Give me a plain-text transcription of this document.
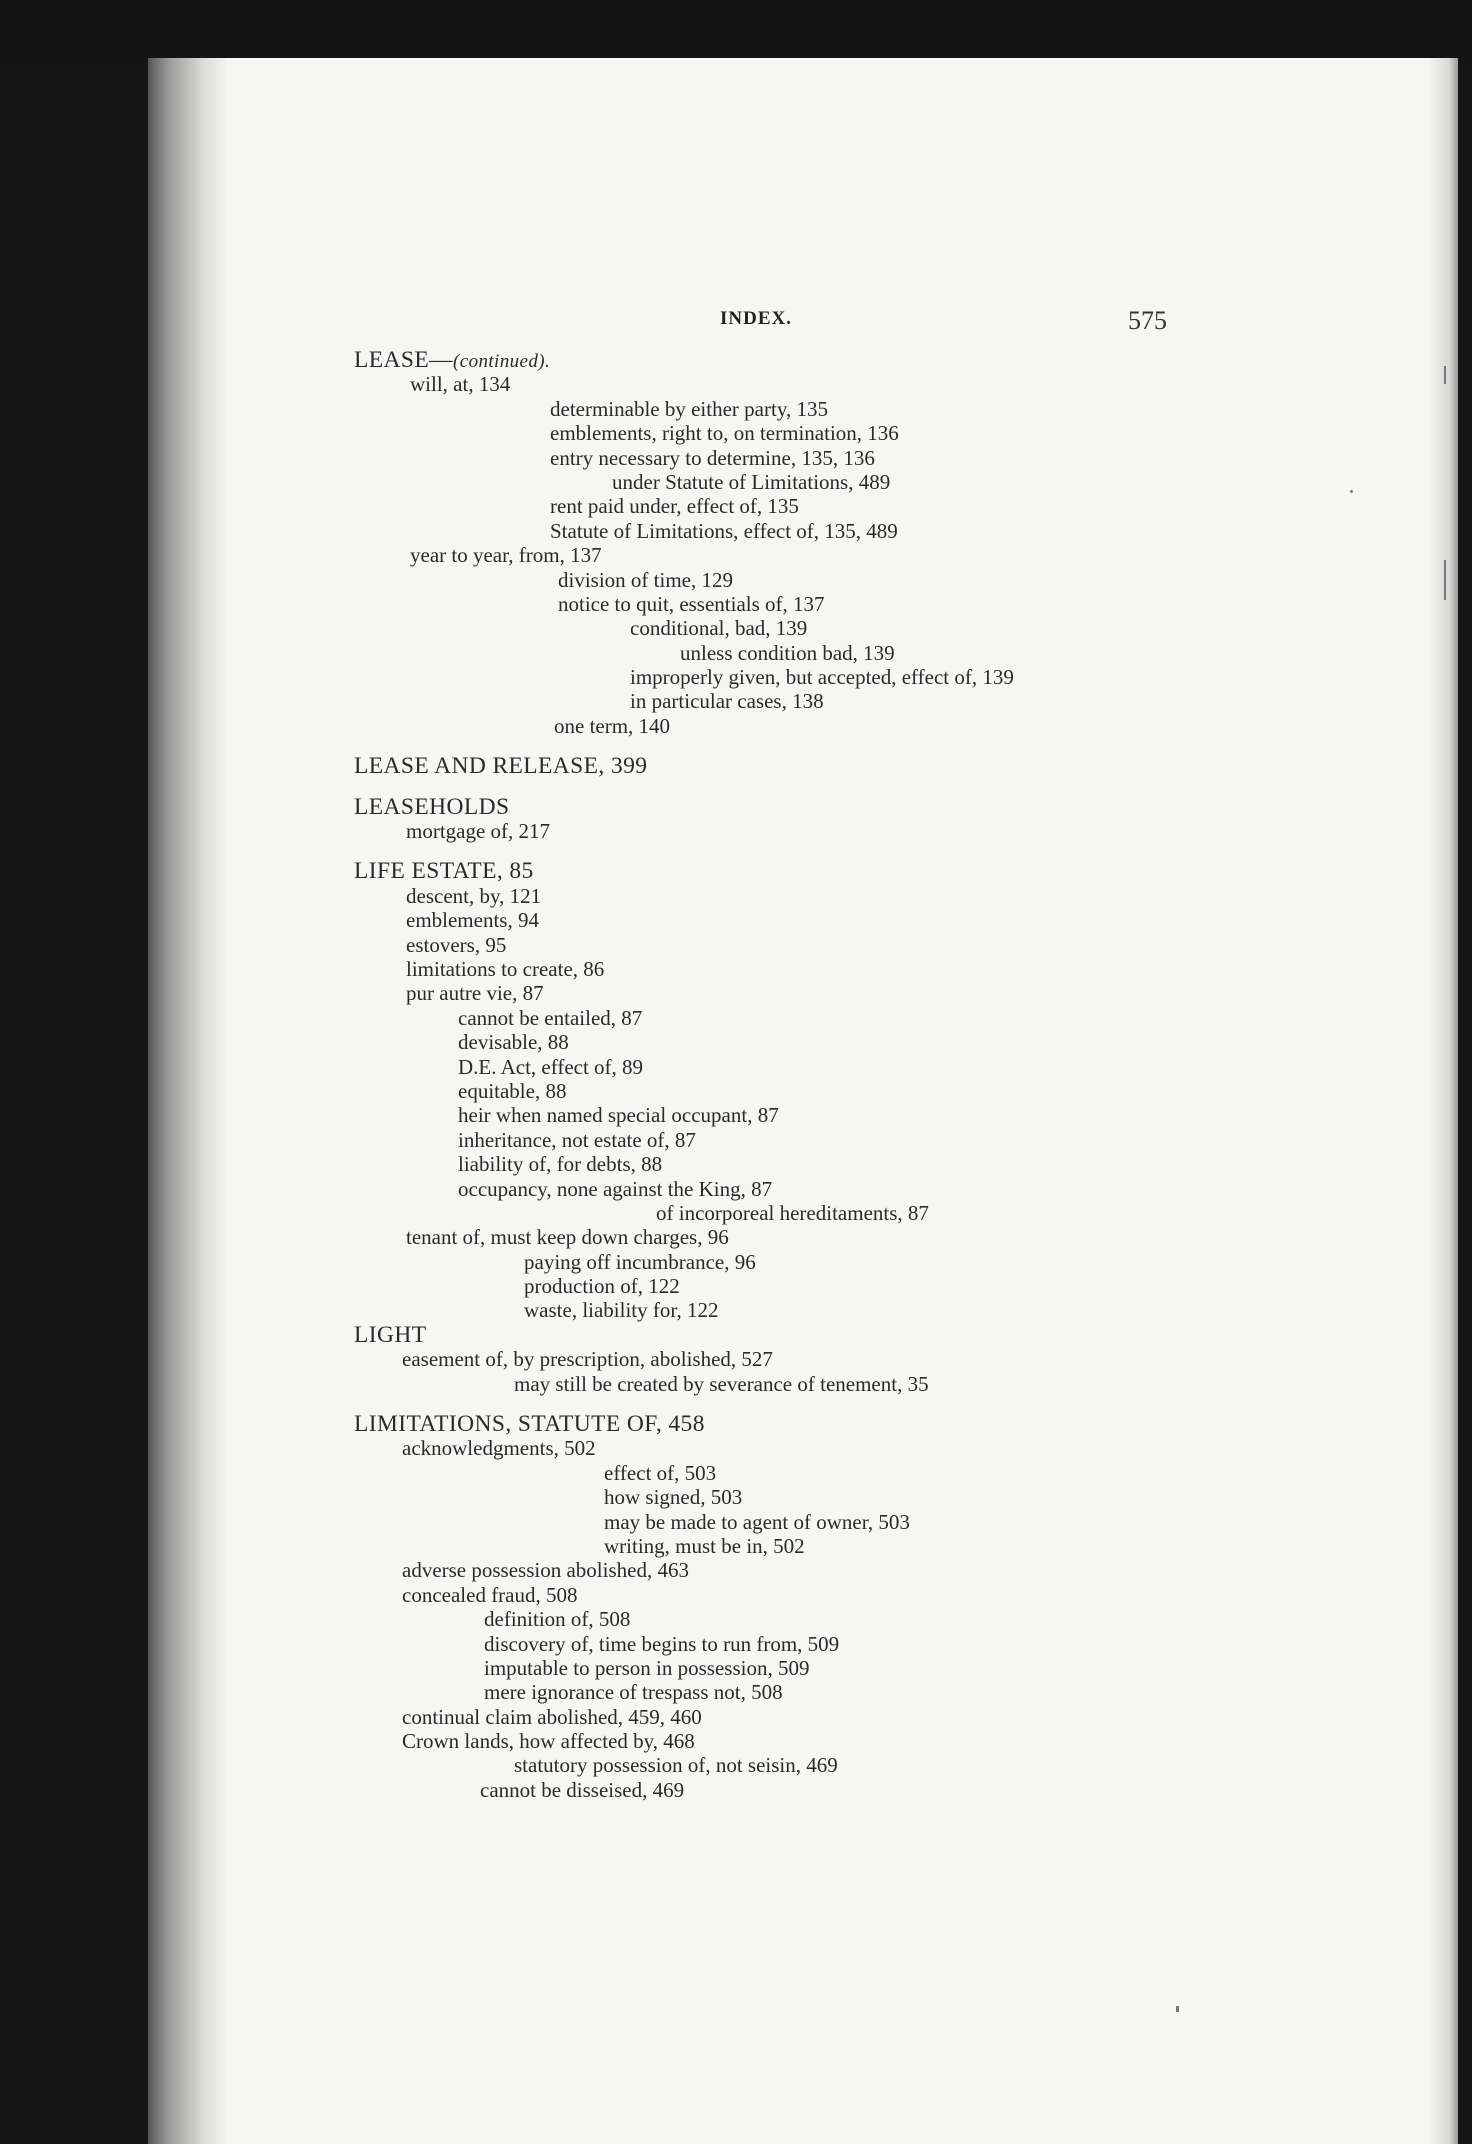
INDEX.	575
LEASE—(continued).
will, at, 134
determinable by either party, 135
emblements, right to, on termination, 136
entry necessary to determine, 135, 136
under Statute of Limitations, 489
rent paid under, effect of, 135
Statute of Limitations, effect of, 135, 489
year to year, from, 137
division of time, 129
notice to quit, essentials of, 137
conditional, bad, 139
unless condition bad, 139
improperly given, but accepted, effect of, 139
in particular cases, 138
one term, 140
LEASE AND RELEASE, 399
LEASEHOLDS
mortgage of, 217
LIFE ESTATE, 85
descent, by, 121
emblements, 94
estovers, 95
limitations to create, 86
pur autre vie, 87
cannot be entailed, 87
devisable, 88
D.E. Act, effect of, 89
equitable, 88
heir when named special occupant, 87
inheritance, not estate of, 87
liability of, for debts, 88
occupancy, none against the King, 87
of incorporeal hereditaments, 87
tenant of, must keep down charges, 96
paying off incumbrance, 96
production of, 122
waste, liability for, 122
LIGHT
easement of, by prescription, abolished, 527
may still be created by severance of tenement, 35
LIMITATIONS, STATUTE OF, 458
acknowledgments, 502
effect of, 503
how signed, 503
may be made to agent of owner, 503
writing, must be in, 502
adverse possession abolished, 463
concealed fraud, 508
definition of, 508
discovery of, time begins to run from, 509
imputable to person in possession, 509
mere ignorance of trespass not, 508
continual claim abolished, 459, 460
Crown lands, how affected by, 468
statutory possession of, not seisin, 469
cannot be disseised, 469
